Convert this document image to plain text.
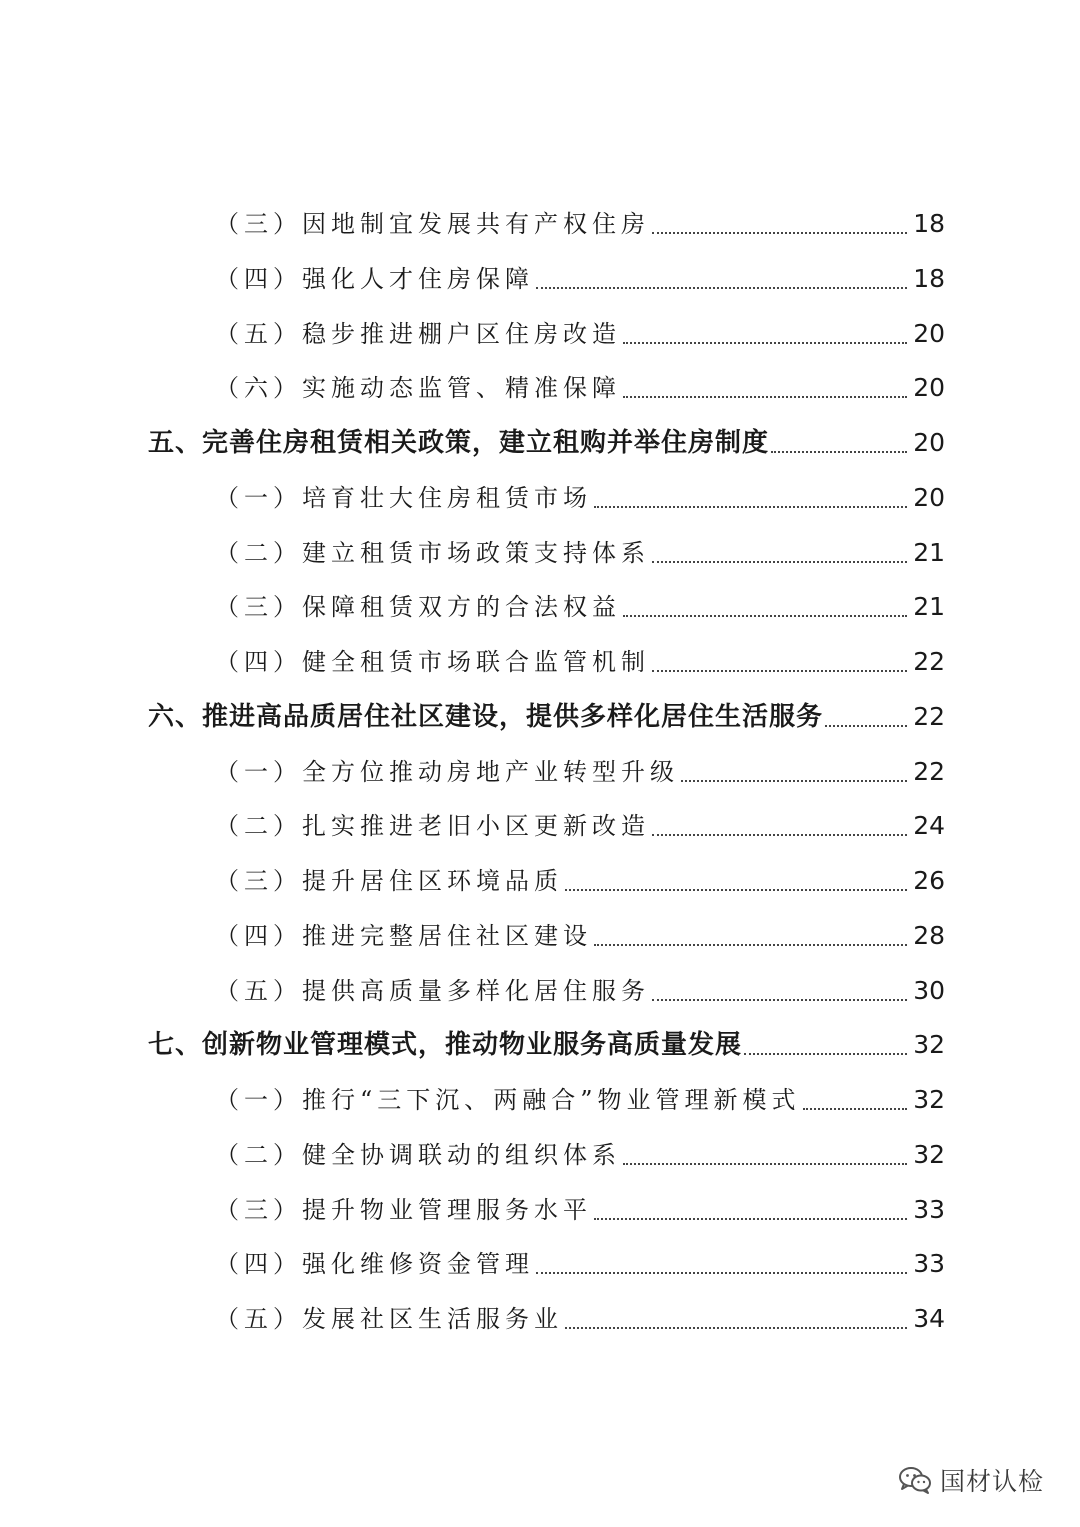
（三）因地制宜发展共有产权住房	18
（四）强化人才住房保障	18
（五）稳步推进棚户区住房改造	20
（六）实施动态监管、精准保障	20
五、完善住房租赁相关政策，建立租购并举住房制度	20
（一）培育壮大住房租赁市场	20
（二）建立租赁市场政策支持体系	21
（三）保障租赁双方的合法权益	21
（四）健全租赁市场联合监管机制	22
六、推进高品质居住社区建设，提供多样化居住生活服务	22
（一）全方位推动房地产业转型升级	22
（二）扎实推进老旧小区更新改造	24
（三）提升居住区环境品质	26
（四）推进完整居住社区建设	28
（五）提供高质量多样化居住服务	30
七、创新物业管理模式，推动物业服务高质量发展	32
（一）推行“三下沉、两融合”物业管理新模式	32
（二）健全协调联动的组织体系	32
（三）提升物业管理服务水平	33
（四）强化维修资金管理	33
（五）发展社区生活服务业	34
国材认检
